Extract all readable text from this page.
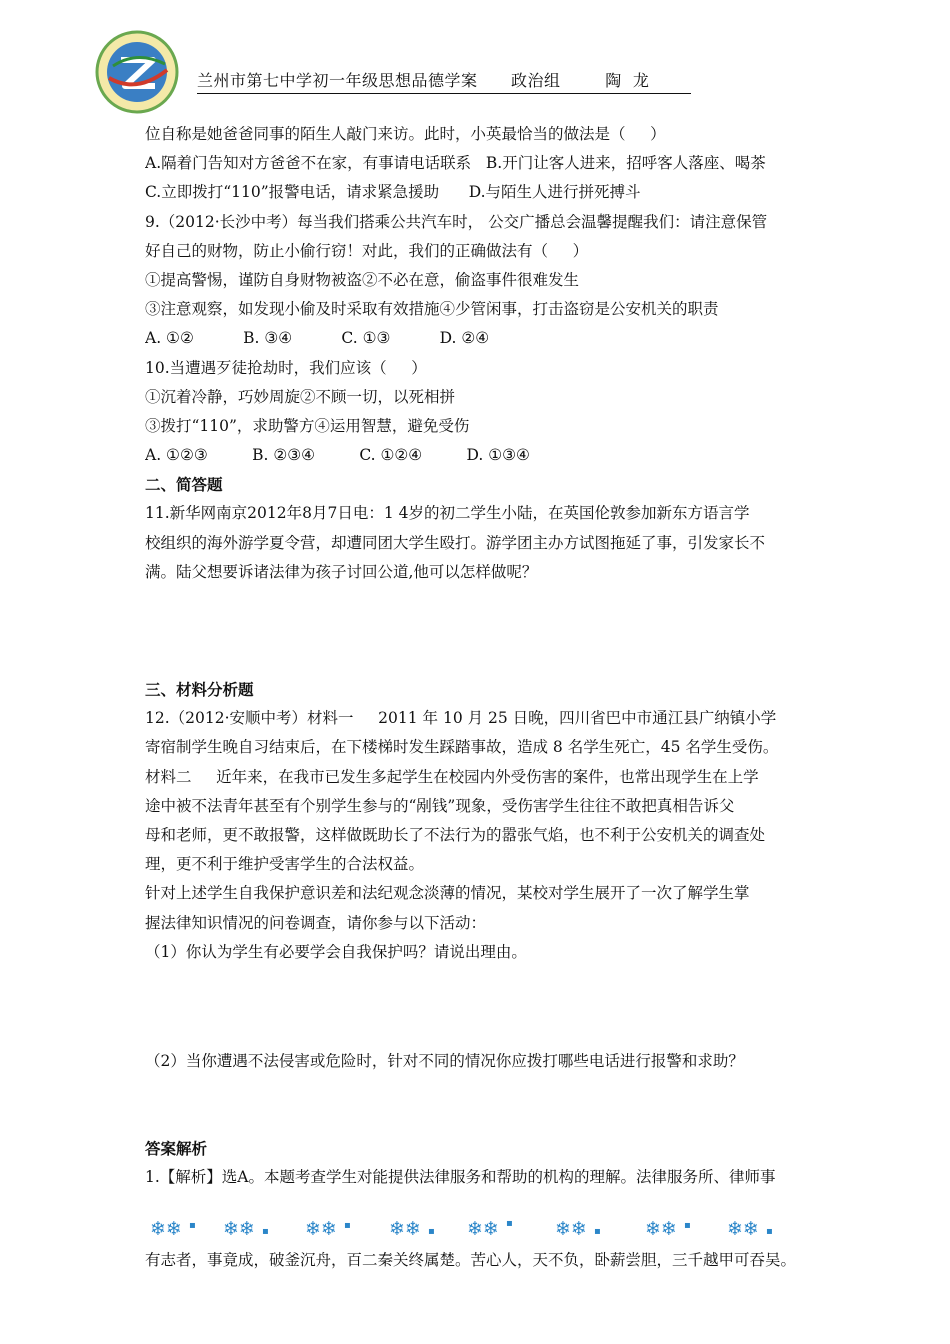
兰州市第七中学初一年级思想品德学案      政治组        陶  龙
位自称是她爸爸同事的陌生人敲门来访。此时，小英最恰当的做法是（     ）
A.隔着门告知对方爸爸不在家，有事请电话联系   B.开门让客人进来，招呼客人落座、喝茶
C.立即拨打“110”报警电话，请求紧急援助      D.与陌生人进行拼死搏斗
9.（2012·长沙中考）每当我们搭乘公共汽车时， 公交广播总会温馨提醒我们：请注意保管
好自己的财物，防止小偷行窃！对此，我们的正确做法有（     ）
①提高警惕，谨防自身财物被盗②不必在意，偷盗事件很难发生
③注意观察，如发现小偷及时采取有效措施④少管闲事，打击盗窃是公安机关的职责
A. ①②          B. ③④          C. ①③          D. ②④
10.当遭遇歹徒抢劫时，我们应该（     ）
①沉着冷静，巧妙周旋②不顾一切，以死相拼
③拨打“110”，求助警方④运用智慧，避免受伤
A. ①②③         B. ②③④         C. ①②④         D. ①③④
二、简答题
11.新华网南京2012年8月7日电：1 4岁的初二学生小陆，在英国伦敦参加新东方语言学
校组织的海外游学夏令营，却遭同团大学生殴打。游学团主办方试图拖延了事，引发家长不
满。陆父想要诉诸法律为孩子讨回公道,他可以怎样做呢？
三、材料分析题
12.（2012·安顺中考）材料一     2011 年 10 月 25 日晚，四川省巴中市通江县广纳镇小学
寄宿制学生晚自习结束后，在下楼梯时发生踩踏事故，造成 8 名学生死亡，45 名学生受伤。
材料二     近年来，在我市已发生多起学生在校园内外受伤害的案件，也常出现学生在上学
途中被不法青年甚至有个别学生参与的“剐钱”现象，受伤害学生往往不敢把真相告诉父
母和老师，更不敢报警，这样做既助长了不法行为的嚣张气焰，也不利于公安机关的调查处
理，更不利于维护受害学生的合法权益。
针对上述学生自我保护意识差和法纪观念淡薄的情况，某校对学生展开了一次了解学生掌
握法律知识情况的问卷调查，请你参与以下活动：
（1）你认为学生有必要学会自我保护吗？请说出理由。
（2）当你遭遇不法侵害或危险时，针对不同的情况你应拨打哪些电话进行报警和求助？
答案解析
1.【解析】选A。本题考查学生对能提供法律服务和帮助的机构的理解。法律服务所、律师事
❄❄ ▪ ❄❄ ▪ ❄❄ ▪ ❄❄ ▪ ❄❄ ▪ ❄❄ ▪ ❄❄ ▪ ❄❄ ▪
有志者，事竟成，破釜沉舟，百二秦关终属楚。苦心人，天不负，卧薪尝胆，三千越甲可吞吴。
